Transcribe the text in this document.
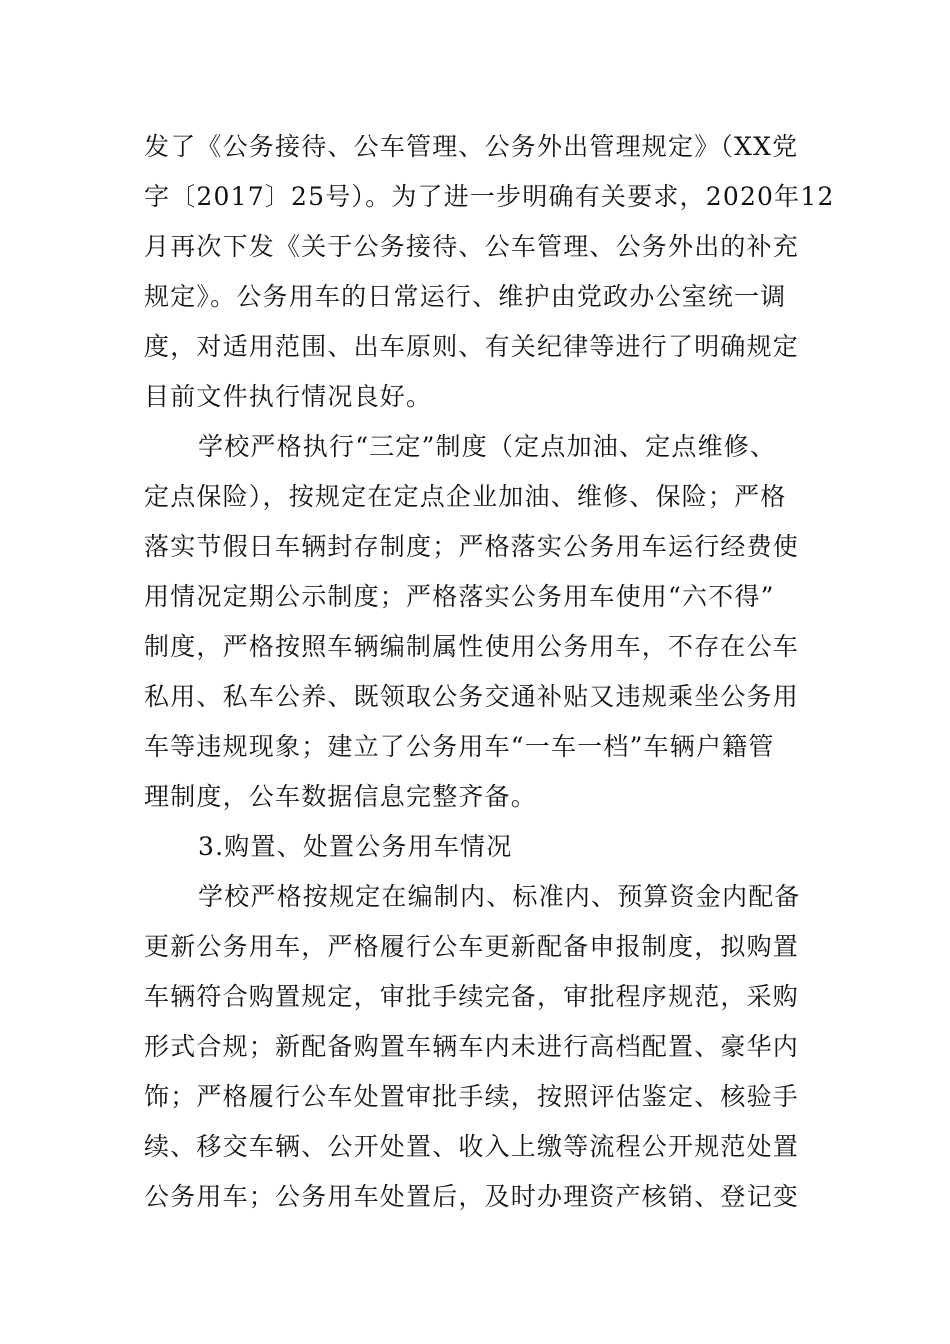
发了《公务接待、公车管理、公务外出管理规定》（XX党
字〔2017〕25号）。为了进一步明确有关要求，2020年12
月再次下发《关于公务接待、公车管理、公务外出的补充
规定》。公务用车的日常运行、维护由党政办公室统一调
度，对适用范围、出车原则、有关纪律等进行了明确规定
目前文件执行情况良好。
学校严格执行“三定”制度（定点加油、定点维修、
定点保险），按规定在定点企业加油、维修、保险；严格
落实节假日车辆封存制度；严格落实公务用车运行经费使
用情况定期公示制度；严格落实公务用车使用“六不得”
制度，严格按照车辆编制属性使用公务用车，不存在公车
私用、私车公养、既领取公务交通补贴又违规乘坐公务用
车等违规现象；建立了公务用车“一车一档”车辆户籍管
理制度，公车数据信息完整齐备。
3.购置、处置公务用车情况
学校严格按规定在编制内、标准内、预算资金内配备
更新公务用车，严格履行公车更新配备申报制度，拟购置
车辆符合购置规定，审批手续完备，审批程序规范，采购
形式合规；新配备购置车辆车内未进行高档配置、豪华内
饰；严格履行公车处置审批手续，按照评估鉴定、核验手
续、移交车辆、公开处置、收入上缴等流程公开规范处置
公务用车；公务用车处置后，及时办理资产核销、登记变
